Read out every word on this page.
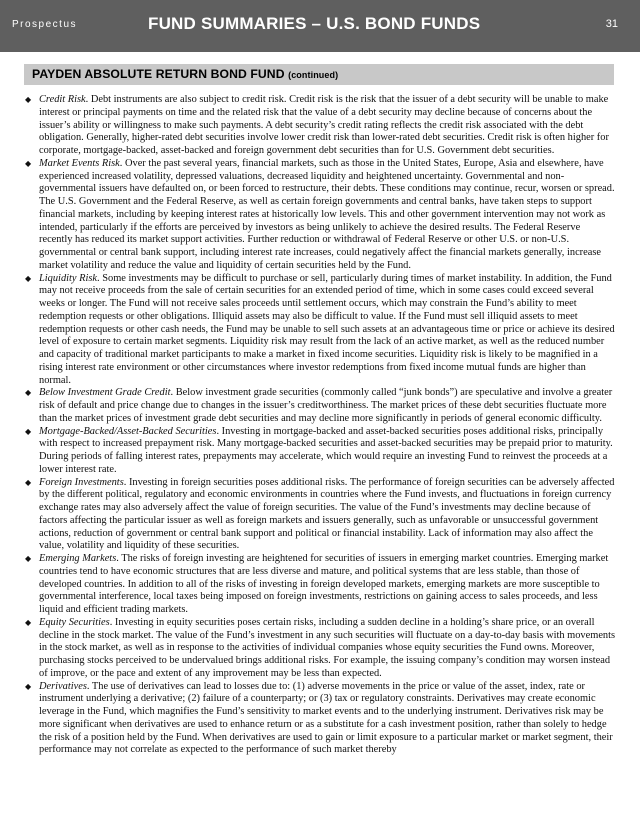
Prospectus	FUND SUMMARIES – U.S. BOND FUNDS	31
PAYDEN ABSOLUTE RETURN BOND FUND (continued)

◆ Credit Risk. Debt instruments are also subject to credit risk. Credit risk is the risk that the issuer of a debt security will be unable to make interest or principal payments on time and the related risk that the value of a debt security may decline because of concerns about the issuer’s ability or willingness to make such payments. A debt security’s credit rating reflects the credit risk associated with the debt obligation. Generally, higher-rated debt securities involve lower credit risk than lower-rated debt securities. Credit risk is often higher for corporate, mortgage-backed, asset-backed and foreign government debt securities than for U.S. Government debt securities.

◆ Market Events Risk. Over the past several years, financial markets, such as those in the United States, Europe, Asia and elsewhere, have experienced increased volatility, depressed valuations, decreased liquidity and heightened uncertainty. Governmental and non-governmental issuers have defaulted on, or been forced to restructure, their debts. These conditions may continue, recur, worsen or spread. The U.S. Government and the Federal Reserve, as well as certain foreign governments and central banks, have taken steps to support financial markets, including by keeping interest rates at historically low levels. This and other government intervention may not work as intended, particularly if the efforts are perceived by investors as being unlikely to achieve the desired results. The Federal Reserve recently has reduced its market support activities. Further reduction or withdrawal of Federal Reserve or other U.S. or non-U.S. governmental or central bank support, including interest rate increases, could negatively affect the financial markets generally, increase market volatility and reduce the value and liquidity of certain securities held by the Fund.

◆ Liquidity Risk. Some investments may be difficult to purchase or sell, particularly during times of market instability. In addition, the Fund may not receive proceeds from the sale of certain securities for an extended period of time, which in some cases could exceed several weeks or longer. The Fund will not receive sales proceeds until settlement occurs, which may constrain the Fund’s ability to meet redemption requests or other obligations. Illiquid assets may also be difficult to value. If the Fund must sell illiquid assets to meet redemption requests or other cash needs, the Fund may be unable to sell such assets at an advantageous time or price or achieve its desired level of exposure to certain market segments. Liquidity risk may result from the lack of an active market, as well as the reduced number and capacity of traditional market participants to make a market in fixed income securities. Liquidity risk is likely to be magnified in a rising interest rate environment or other circumstances where investor redemptions from fixed income mutual funds are higher than normal.

◆ Below Investment Grade Credit. Below investment grade securities (commonly called “junk bonds”) are speculative and involve a greater risk of default and price change due to changes in the issuer’s creditworthiness. The market prices of these debt securities fluctuate more than the market prices of investment grade debt securities and may decline more significantly in periods of general economic difficulty.

◆ Mortgage-Backed/Asset-Backed Securities. Investing in mortgage-backed and asset-backed securities poses additional risks, principally with respect to increased prepayment risk. Many mortgage-backed securities and asset-backed securities may be prepaid prior to maturity. During periods of falling interest rates, prepayments may accelerate, which would require an investing Fund to reinvest the proceeds at a lower interest rate.

◆ Foreign Investments. Investing in foreign securities poses additional risks. The performance of foreign securities can be adversely affected by the different political, regulatory and economic environments in countries where the Fund invests, and fluctuations in foreign currency exchange rates may also adversely affect the value of foreign securities. The value of the Fund’s investments may decline because of factors affecting the particular issuer as well as foreign markets and issuers generally, such as unfavorable or unsuccessful government actions, reduction of government or central bank support and political or financial instability. Lack of information may also affect the value, volatility and liquidity of these securities.

◆ Emerging Markets. The risks of foreign investing are heightened for securities of issuers in emerging market countries. Emerging market countries tend to have economic structures that are less diverse and mature, and political systems that are less stable, than those of developed countries. In addition to all of the risks of investing in foreign developed markets, emerging markets are more susceptible to governmental interference, local taxes being imposed on foreign investments, restrictions on gaining access to sales proceeds, and less liquid and efficient trading markets.

◆ Equity Securities. Investing in equity securities poses certain risks, including a sudden decline in a holding’s share price, or an overall decline in the stock market. The value of the Fund’s investment in any such securities will fluctuate on a day-to-day basis with movements in the stock market, as well as in response to the activities of individual companies whose equity securities the Fund owns. Moreover, purchasing stocks perceived to be undervalued brings additional risks. For example, the issuing company’s condition may worsen instead of improve, or the pace and extent of any improvement may be less than expected.

◆ Derivatives. The use of derivatives can lead to losses due to: (1) adverse movements in the price or value of the asset, index, rate or instrument underlying a derivative; (2) failure of a counterparty; or (3) tax or regulatory constraints. Derivatives may create economic leverage in the Fund, which magnifies the Fund’s sensitivity to market events and to the underlying instrument. Derivatives risk may be more significant when derivatives are used to enhance return or as a substitute for a cash investment position, rather than solely to hedge the risk of a position held by the Fund. When derivatives are used to gain or limit exposure to a particular market or market segment, their performance may not correlate as expected to the performance of such market thereby
